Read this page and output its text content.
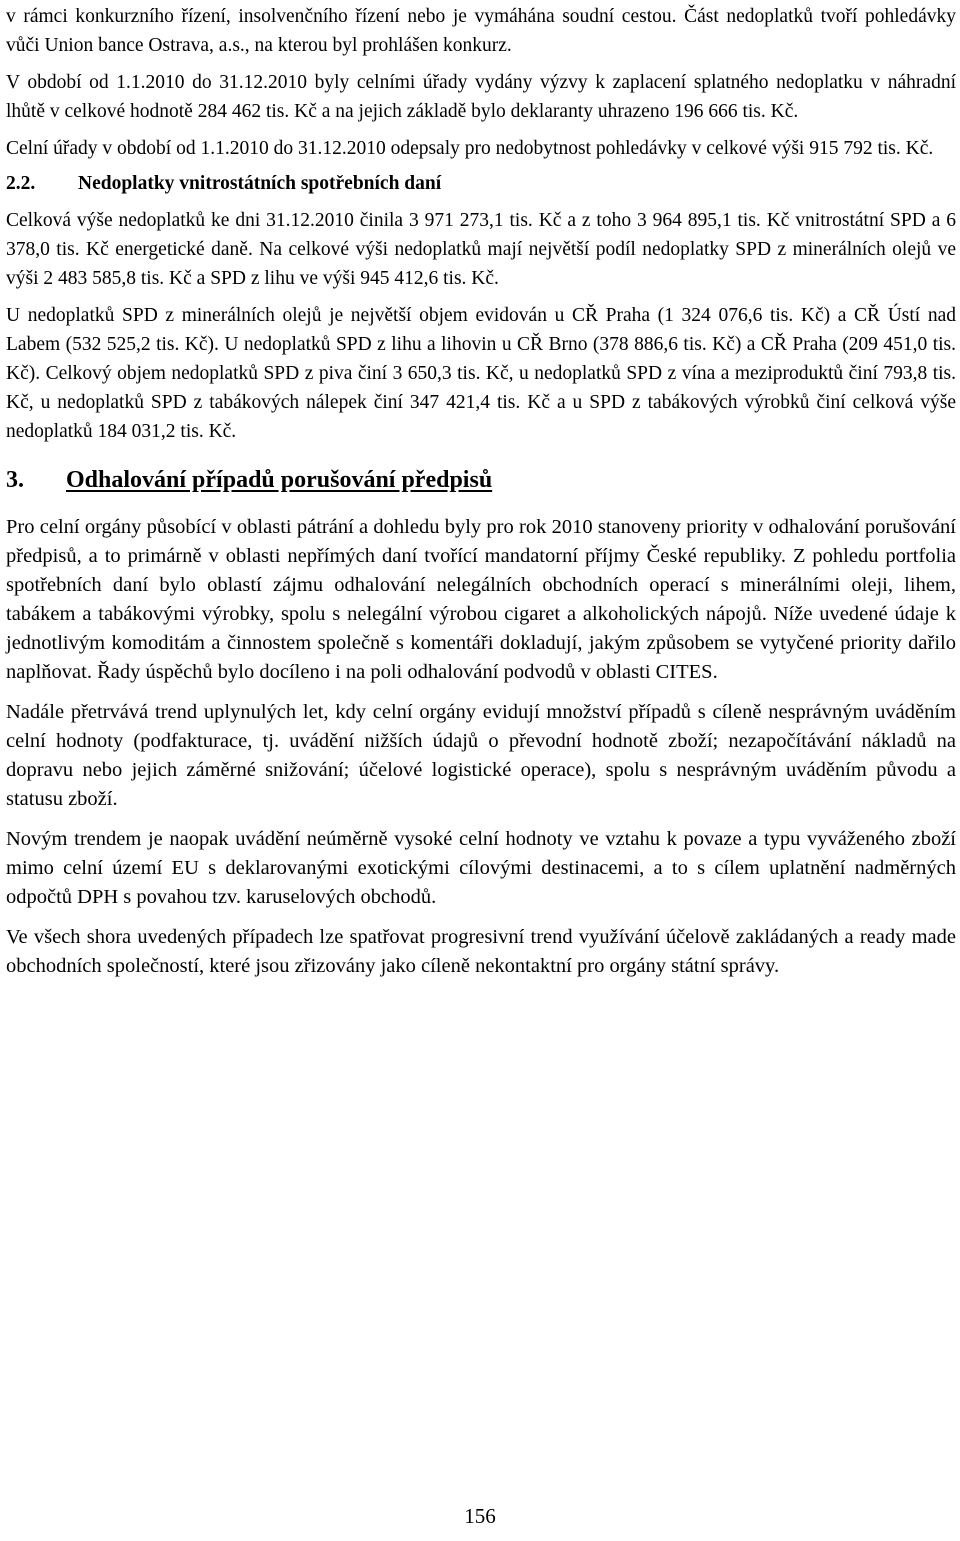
v rámci konkurzního řízení, insolvenčního řízení nebo je vymáhána soudní cestou. Část nedoplatků tvoří pohledávky vůči Union bance Ostrava, a.s., na kterou byl prohlášen konkurz.

V období od 1.1.2010 do 31.12.2010 byly celními úřady vydány výzvy k zaplacení splatného nedoplatku v náhradní lhůtě v celkové hodnotě 284 462 tis. Kč a na jejich základě bylo deklaranty uhrazeno 196 666 tis. Kč.

Celní úřady v období od 1.1.2010 do 31.12.2010 odepsaly pro nedobytnost pohledávky v celkové výši 915 792 tis. Kč.

2.2.	Nedoplatky vnitrostátních spotřebních daní

Celková výše nedoplatků ke dni 31.12.2010 činila 3 971 273,1 tis. Kč a z toho 3 964 895,1 tis. Kč vnitrostátní SPD a 6 378,0 tis. Kč energetické daně. Na celkové výši nedoplatků mají největší podíl nedoplatky SPD z minerálních olejů ve výši 2 483 585,8 tis. Kč a SPD z lihu ve výši 945 412,6 tis. Kč.

U nedoplatků SPD z minerálních olejů je největší objem evidován u CŘ Praha (1 324 076,6 tis. Kč) a CŘ Ústí nad Labem (532 525,2 tis. Kč). U nedoplatků SPD z lihu a lihovin u CŘ Brno (378 886,6 tis. Kč) a CŘ Praha (209 451,0 tis. Kč). Celkový objem nedoplatků SPD z piva činí 3 650,3 tis. Kč, u nedoplatků SPD z vína a meziproduktů činí 793,8 tis. Kč, u nedoplatků SPD z tabákových nálepek činí 347 421,4 tis. Kč a u SPD z tabákových výrobků činí celková výše nedoplatků 184 031,2 tis. Kč.

3.	Odhalování případů porušování předpisů

Pro celní orgány působící v oblasti pátrání a dohledu byly pro rok 2010 stanoveny priority v odhalování porušování předpisů, a to primárně v oblasti nepřímých daní tvořící mandatorní příjmy České republiky. Z pohledu portfolia spotřebních daní bylo oblastí zájmu odhalování nelegálních obchodních operací s minerálními oleji, lihem, tabákem a tabákovými výrobky, spolu s nelegální výrobou cigaret a alkoholických nápojů. Níže uvedené údaje k jednotlivým komoditám a činnostem společně s komentáři dokladují, jakým způsobem se vytyčené priority dařilo naplňovat. Řady úspěchů bylo docíleno i na poli odhalování podvodů v oblasti CITES.

Nadále přetrvává trend uplynulých let, kdy celní orgány evidují množství případů s cíleně nesprávným uváděním celní hodnoty (podfakturace, tj. uvádění nižších údajů o převodní hodnotě zboží; nezapočítávání nákladů na dopravu nebo jejich záměrné snižování; účelové logistické operace), spolu s nesprávným uváděním původu a statusu zboží.

Novým trendem je naopak uvádění neúměrně vysoké celní hodnoty ve vztahu k povaze a typu vyváženého zboží mimo celní území EU s deklarovanými exotickými cílovými destinacemi, a to s cílem uplatnění nadměrných odpočtů DPH s povahou tzv. karuselových obchodů.

Ve všech shora uvedených případech lze spatřovat progresivní trend využívání účelově zakládaných a ready made obchodních společností, které jsou zřizovány jako cíleně nekontaktní pro orgány státní správy.

156
